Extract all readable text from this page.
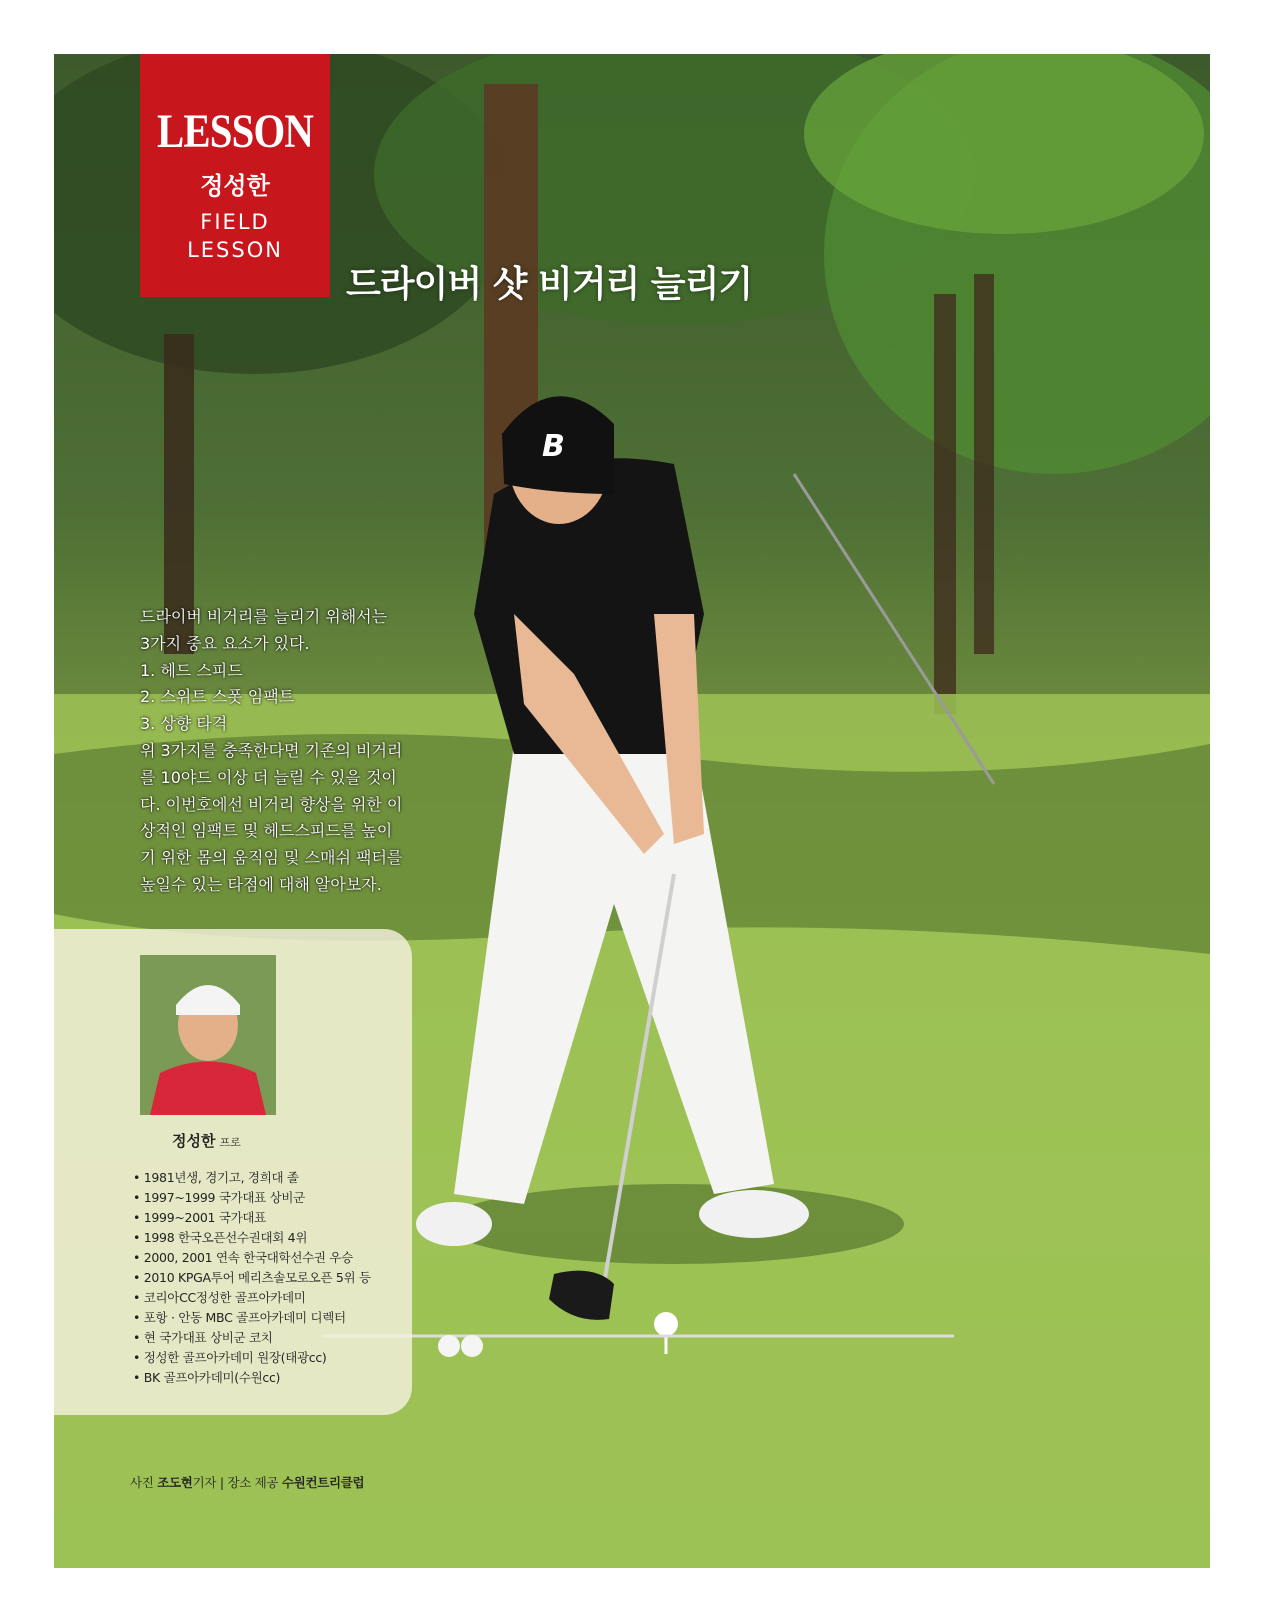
B
LESSON
정성한
FIELD
LESSON
드라이버 샷 비거리 늘리기
드라이버 비거리를 늘리기 위해서는
3가지 중요 요소가 있다.
1. 헤드 스피드
2. 스위트 스폿 임팩트
3. 상향 타격
위 3가지를 충족한다면 기존의 비거리
를 10야드 이상 더 늘릴 수 있을 것이
다. 이번호에선 비거리 향상을 위한 이
상적인 임팩트 및 헤드스피드를 높이
기 위한 몸의 움직임 및 스매쉬 팩터를
높일수 있는 타점에 대해 알아보자.
정성한 프로
• 1981년생, 경기고, 경희대 졸
• 1997~1999 국가대표 상비군
• 1999~2001 국가대표
• 1998 한국오픈선수권대회 4위
• 2000, 2001 연속 한국대학선수권 우승
• 2010 KPGA투어 메리츠솔모로오픈 5위 등
• 코리아CC정성한 골프아카데미
• 포항 · 안동 MBC 골프아카데미 디렉터
• 현 국가대표 상비군 코치
• 정성한 골프아카데미 원장(태광cc)
• BK 골프아카데미(수원cc)
사진 조도현기자 | 장소 제공 수원컨트리클럽
